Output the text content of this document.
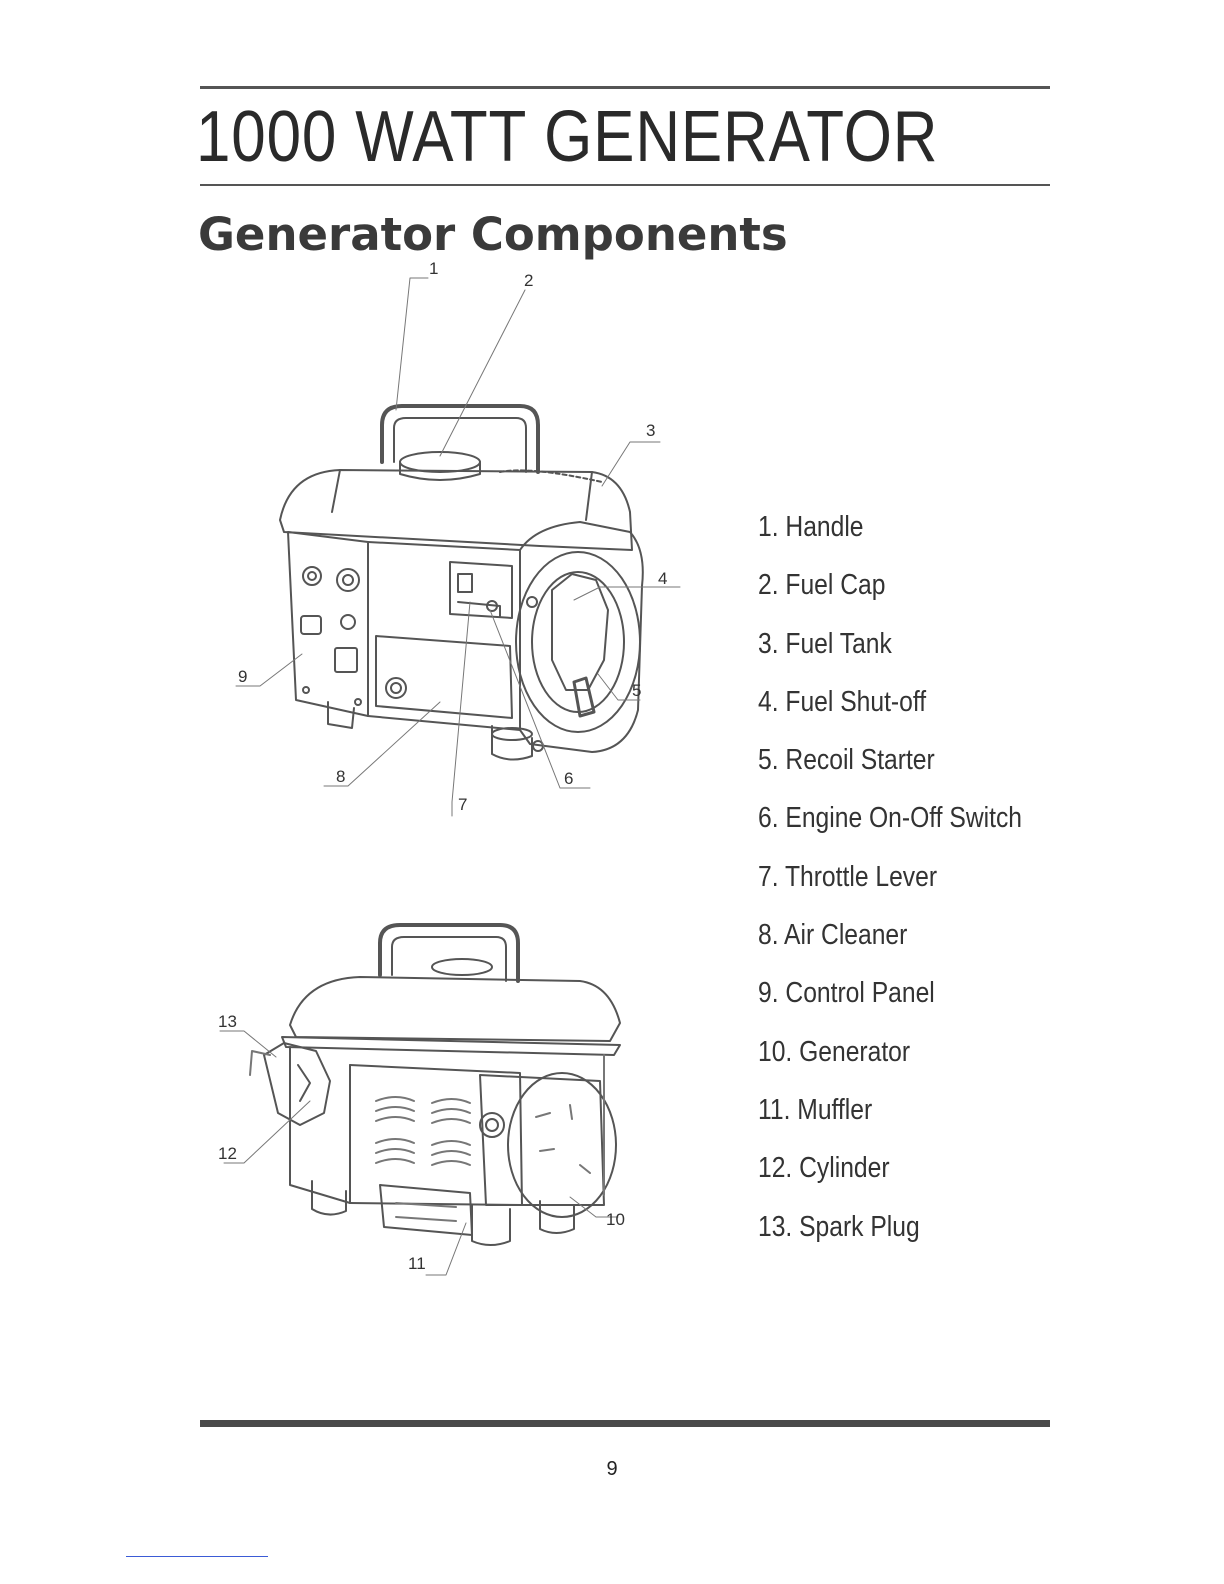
1000 WATT GENERATOR
Generator Components
1
2
3
4
5
6
7
8
9
13
12
10
11
1. Handle
2. Fuel Cap
3. Fuel Tank
4. Fuel Shut-off
5. Recoil Starter
6. Engine On-Off Switch
7. Throttle Lever
8. Air Cleaner
9. Control Panel
10. Generator
11. Muffler
12. Cylinder
13. Spark Plug
9
